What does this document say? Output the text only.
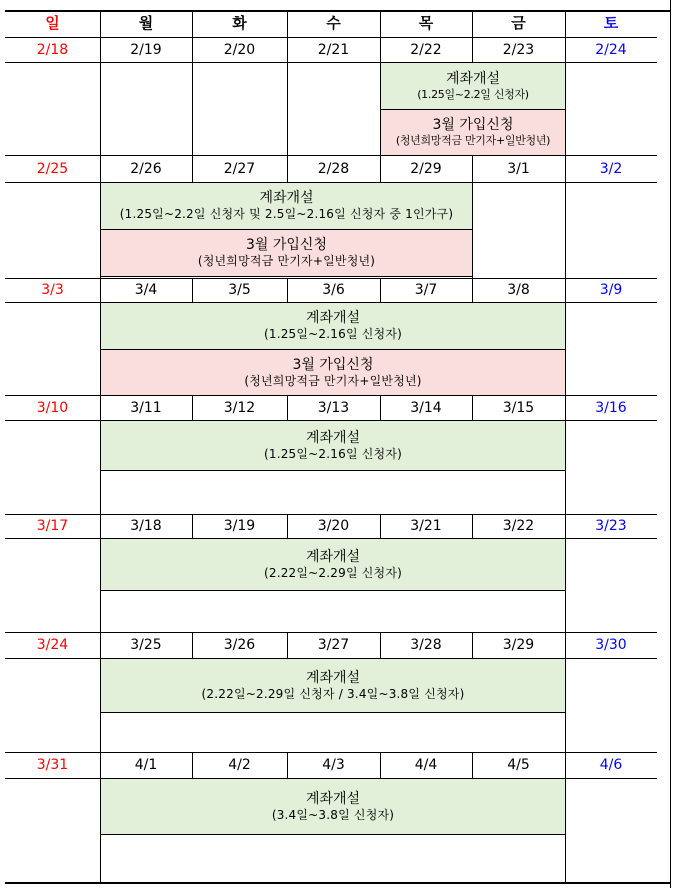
일	월	화	수	목	금	토
2/18	2/19	2/20	2/21	2/22	2/23	2/24
계좌개설
(1.25일~2.2일 신청자)
3월 가입신청
(청년희망적금 만기자+일반청년)
2/25	2/26	2/27	2/28	2/29	3/1	3/2
계좌개설
(1.25일~2.2일 신청자 및 2.5일~2.16일 신청자 중 1인가구)
3월 가입신청
(청년희망적금 만기자+일반청년)
3/3	3/4	3/5	3/6	3/7	3/8	3/9
계좌개설
(1.25일~2.16일 신청자)
3월 가입신청
(청년희망적금 만기자+일반청년)
3/10	3/11	3/12	3/13	3/14	3/15	3/16
계좌개설
(1.25일~2.16일 신청자)
3/17	3/18	3/19	3/20	3/21	3/22	3/23
계좌개설
(2.22일~2.29일 신청자)
3/24	3/25	3/26	3/27	3/28	3/29	3/30
계좌개설
(2.22일~2.29일 신청자 / 3.4일~3.8일 신청자)
3/31	4/1	4/2	4/3	4/4	4/5	4/6
계좌개설
(3.4일~3.8일 신청자)
